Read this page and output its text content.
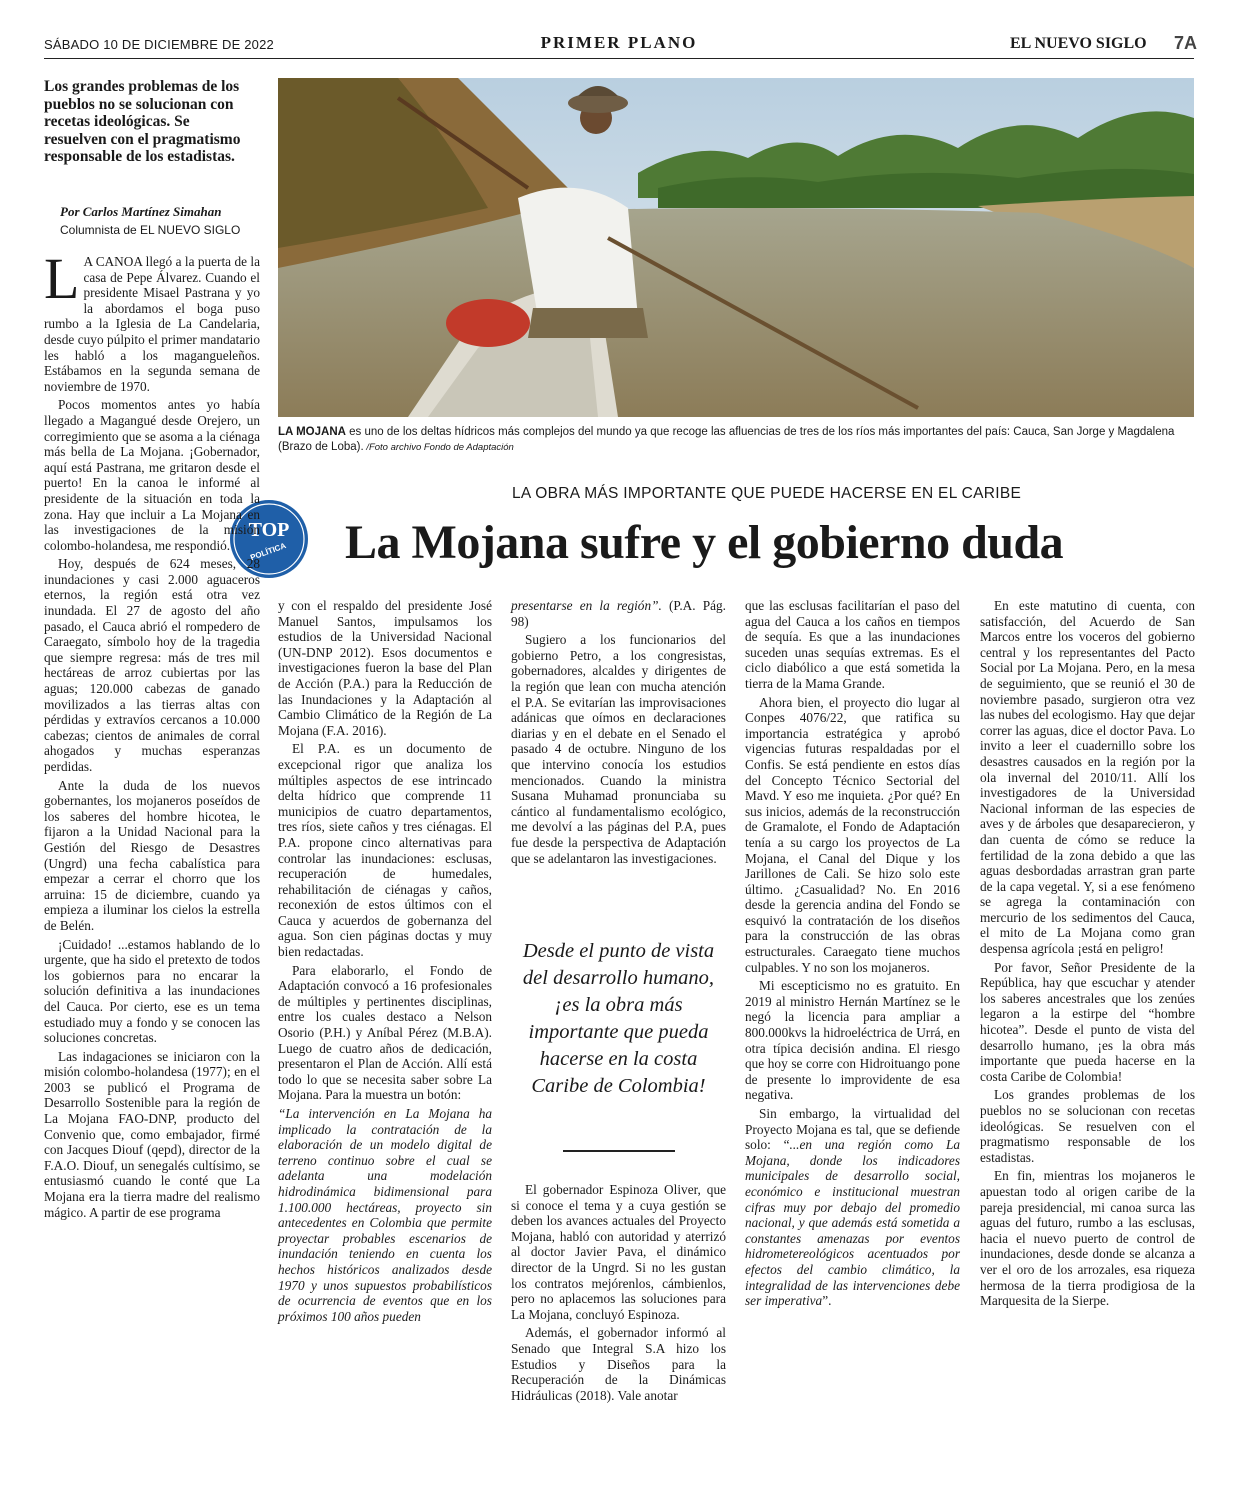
SÁBADO 10 DE DICIEMBRE DE 2022	PRIMER PLANO	EL NUEVO SIGLO 7A
Los grandes problemas de los pueblos no se solucionan con recetas ideológicas. Se resuelven con el pragmatismo responsable de los estadistas.
Por Carlos Martínez Simahan
Columnista de EL NUEVO SIGLO
LA MOJANA es uno de los deltas hídricos más complejos del mundo ya que recoge las afluencias de tres de los ríos más importantes del país: Cauca, San Jorge y Magdalena (Brazo de Loba). /Foto archivo Fondo de Adaptación
LA OBRA MÁS IMPORTANTE QUE PUEDE HACERSE EN EL CARIBE
TOP
POLÍTICA La Mojana sufre y el gobierno duda

L A CANOA llegó a la puerta de la casa de Pepe Álvarez. Cuando el presidente Misael Pastrana y yo la abordamos el boga puso rumbo a la Iglesia de La Candelaria, desde cuyo púlpito el primer mandatario les habló a los magangueleños. Estábamos en la segunda semana de noviembre de 1970.

Pocos momentos antes yo había llegado a Magangué desde Orejero, un corregimiento que se asoma a la ciénaga más bella de La Mojana. ¡Gobernador, aquí está Pastrana, me gritaron desde el puerto! En la canoa le informé al presidente de la situación en toda la zona. Hay que incluir a La Mojana en las investigaciones de la misión colombo-holandesa, me respondió.

Hoy, después de 624 meses, 28 inundaciones y casi 2.000 aguaceros eternos, la región está otra vez inundada. El 27 de agosto del año pasado, el Cauca abrió el rompedero de Caraegato, símbolo hoy de la tragedia que siempre regresa: más de tres mil hectáreas de arroz cubiertas por las aguas; 120.000 cabezas de ganado movilizados a las tierras altas con pérdidas y extravíos cercanos a 10.000 cabezas; cientos de animales de corral ahogados y muchas esperanzas perdidas.

Ante la duda de los nuevos gobernantes, los mojaneros poseídos de los saberes del hombre hicotea, le fijaron a la Unidad Nacional para la Gestión del Riesgo de Desastres (Ungrd) una fecha cabalística para empezar a cerrar el chorro que los arruina: 15 de diciembre, cuando ya empieza a iluminar los cielos la estrella de Belén.

¡Cuidado! ...estamos hablando de lo urgente, que ha sido el pretexto de todos los gobiernos para no encarar la solución definitiva a las inundaciones del Cauca. Por cierto, ese es un tema estudiado muy a fondo y se conocen las soluciones concretas.

Las indagaciones se iniciaron con la misión colombo-holandesa (1977); en el 2003 se publicó el Programa de Desarrollo Sostenible para la región de La Mojana FAO-DNP, producto del Convenio que, como embajador, firmé con Jacques Diouf (qepd), director de la F.A.O. Diouf, un senegalés cultísimo, se entusiasmó cuando le conté que La Mojana era la tierra madre del realismo mágico. A partir de ese programa

y con el respaldo del presidente José Manuel Santos, impulsamos los estudios de la Universidad Nacional (UN-DNP 2012). Esos documentos e investigaciones fueron la base del Plan de Acción (P.A.) para la Reducción de las Inundaciones y la Adaptación al Cambio Climático de la Región de La Mojana (F.A. 2016).

El P.A. es un documento de excepcional rigor que analiza los múltiples aspectos de ese intrincado delta hídrico que comprende 11 municipios de cuatro departamentos, tres ríos, siete caños y tres ciénagas. El P.A. propone cinco alternativas para controlar las inundaciones: esclusas, recuperación de humedales, rehabilitación de ciénagas y caños, reconexión de estos últimos con el Cauca y acuerdos de gobernanza del agua. Son cien páginas doctas y muy bien redactadas.

Para elaborarlo, el Fondo de Adaptación convocó a 16 profesionales de múltiples y pertinentes disciplinas, entre los cuales destaco a Nelson Osorio (P.H.) y Aníbal Pérez (M.B.A). Luego de cuatro años de dedicación, presentaron el Plan de Acción. Allí está todo lo que se necesita saber sobre La Mojana. Para la muestra un botón:

“La intervención en La Mojana ha implicado la contratación de la elaboración de un modelo digital de terreno continuo sobre el cual se adelanta una modelación hidrodinámica bidimensional para 1.100.000 hectáreas, proyecto sin antecedentes en Colombia que permite proyectar probables escenarios de inundación teniendo en cuenta los hechos históricos analizados desde 1970 y unos supuestos probabilísticos de ocurrencia de eventos que en los próximos 100 años pueden

presentarse en la región”. (P.A. Pág. 98)

Sugiero a los funcionarios del gobierno Petro, a los congresistas, gobernadores, alcaldes y dirigentes de la región que lean con mucha atención el P.A. Se evitarían las improvisaciones adánicas que oímos en declaraciones diarias y en el debate en el Senado el pasado 4 de octubre. Ninguno de los que intervino conocía los estudios mencionados. Cuando la ministra Susana Muhamad pronunciaba su cántico al fundamentalismo ecológico, me devolví a las páginas del P.A, pues fue desde la perspectiva de Adaptación que se adelantaron las investigaciones.

Desde el punto de vista del desarrollo humano, ¡es la obra más importante que pueda hacerse en la costa Caribe de Colombia!

El gobernador Espinoza Oliver, que si conoce el tema y a cuya gestión se deben los avances actuales del Proyecto Mojana, habló con autoridad y aterrizó al doctor Javier Pava, el dinámico director de la Ungrd. Si no les gustan los contratos mejórenlos, cámbienlos, pero no aplacemos las soluciones para La Mojana, concluyó Espinoza.

Además, el gobernador informó al Senado que Integral S.A hizo los Estudios y Diseños para la Recuperación de la Dinámicas Hidráulicas (2018). Vale anotar

que las esclusas facilitarían el paso del agua del Cauca a los caños en tiempos de sequía. Es que a las inundaciones suceden unas sequías extremas. Es el ciclo diabólico a que está sometida la tierra de la Mama Grande.

Ahora bien, el proyecto dio lugar al Conpes 4076/22, que ratifica su importancia estratégica y aprobó vigencias futuras respaldadas por el Confis. Se está pendiente en estos días del Concepto Técnico Sectorial del Mavd. Y eso me inquieta. ¿Por qué? En sus inicios, además de la reconstrucción de Gramalote, el Fondo de Adaptación tenía a su cargo los proyectos de La Mojana, el Canal del Dique y los Jarillones de Cali. Se hizo solo este último. ¿Casualidad? No. En 2016 desde la gerencia andina del Fondo se esquivó la contratación de los diseños para la construcción de las obras estructurales. Caraegato tiene muchos culpables. Y no son los mojaneros.

Mi escepticismo no es gratuito. En 2019 al ministro Hernán Martínez se le negó la licencia para ampliar a 800.000kvs la hidroeléctrica de Urrá, en otra típica decisión andina. El riesgo que hoy se corre con Hidroituango pone de presente lo improvidente de esa negativa.

Sin embargo, la virtualidad del Proyecto Mojana es tal, que se defiende solo: “...en una región como La Mojana, donde los indicadores municipales de desarrollo social, económico e institucional muestran cifras muy por debajo del promedio nacional, y que además está sometida a constantes amenazas por eventos hidrometereológicos acentuados por efectos del cambio climático, la integralidad de las intervenciones debe ser imperativa”.

En este matutino di cuenta, con satisfacción, del Acuerdo de San Marcos entre los voceros del gobierno central y los representantes del Pacto Social por La Mojana. Pero, en la mesa de seguimiento, que se reunió el 30 de noviembre pasado, surgieron otra vez las nubes del ecologismo. Hay que dejar correr las aguas, dice el doctor Pava. Lo invito a leer el cuadernillo sobre los desastres causados en la región por la ola invernal del 2010/11. Allí los investigadores de la Universidad Nacional informan de las especies de aves y de árboles que desaparecieron, y dan cuenta de cómo se reduce la fertilidad de la zona debido a que las aguas desbordadas arrastran gran parte de la capa vegetal. Y, si a ese fenómeno se agrega la contaminación con mercurio de los sedimentos del Cauca, el mito de La Mojana como gran despensa agrícola ¡está en peligro!

Por favor, Señor Presidente de la República, hay que escuchar y atender los saberes ancestrales que los zenúes legaron a la estirpe del “hombre hicotea”. Desde el punto de vista del desarrollo humano, ¡es la obra más importante que pueda hacerse en la costa Caribe de Colombia!

Los grandes problemas de los pueblos no se solucionan con recetas ideológicas. Se resuelven con el pragmatismo responsable de los estadistas.

En fin, mientras los mojaneros le apuestan todo al origen caribe de la pareja presidencial, mi canoa surca las aguas del futuro, rumbo a las esclusas, hacia el nuevo puerto de control de inundaciones, desde donde se alcanza a ver el oro de los arrozales, esa riqueza hermosa de la tierra prodigiosa de la Marquesita de la Sierpe.
